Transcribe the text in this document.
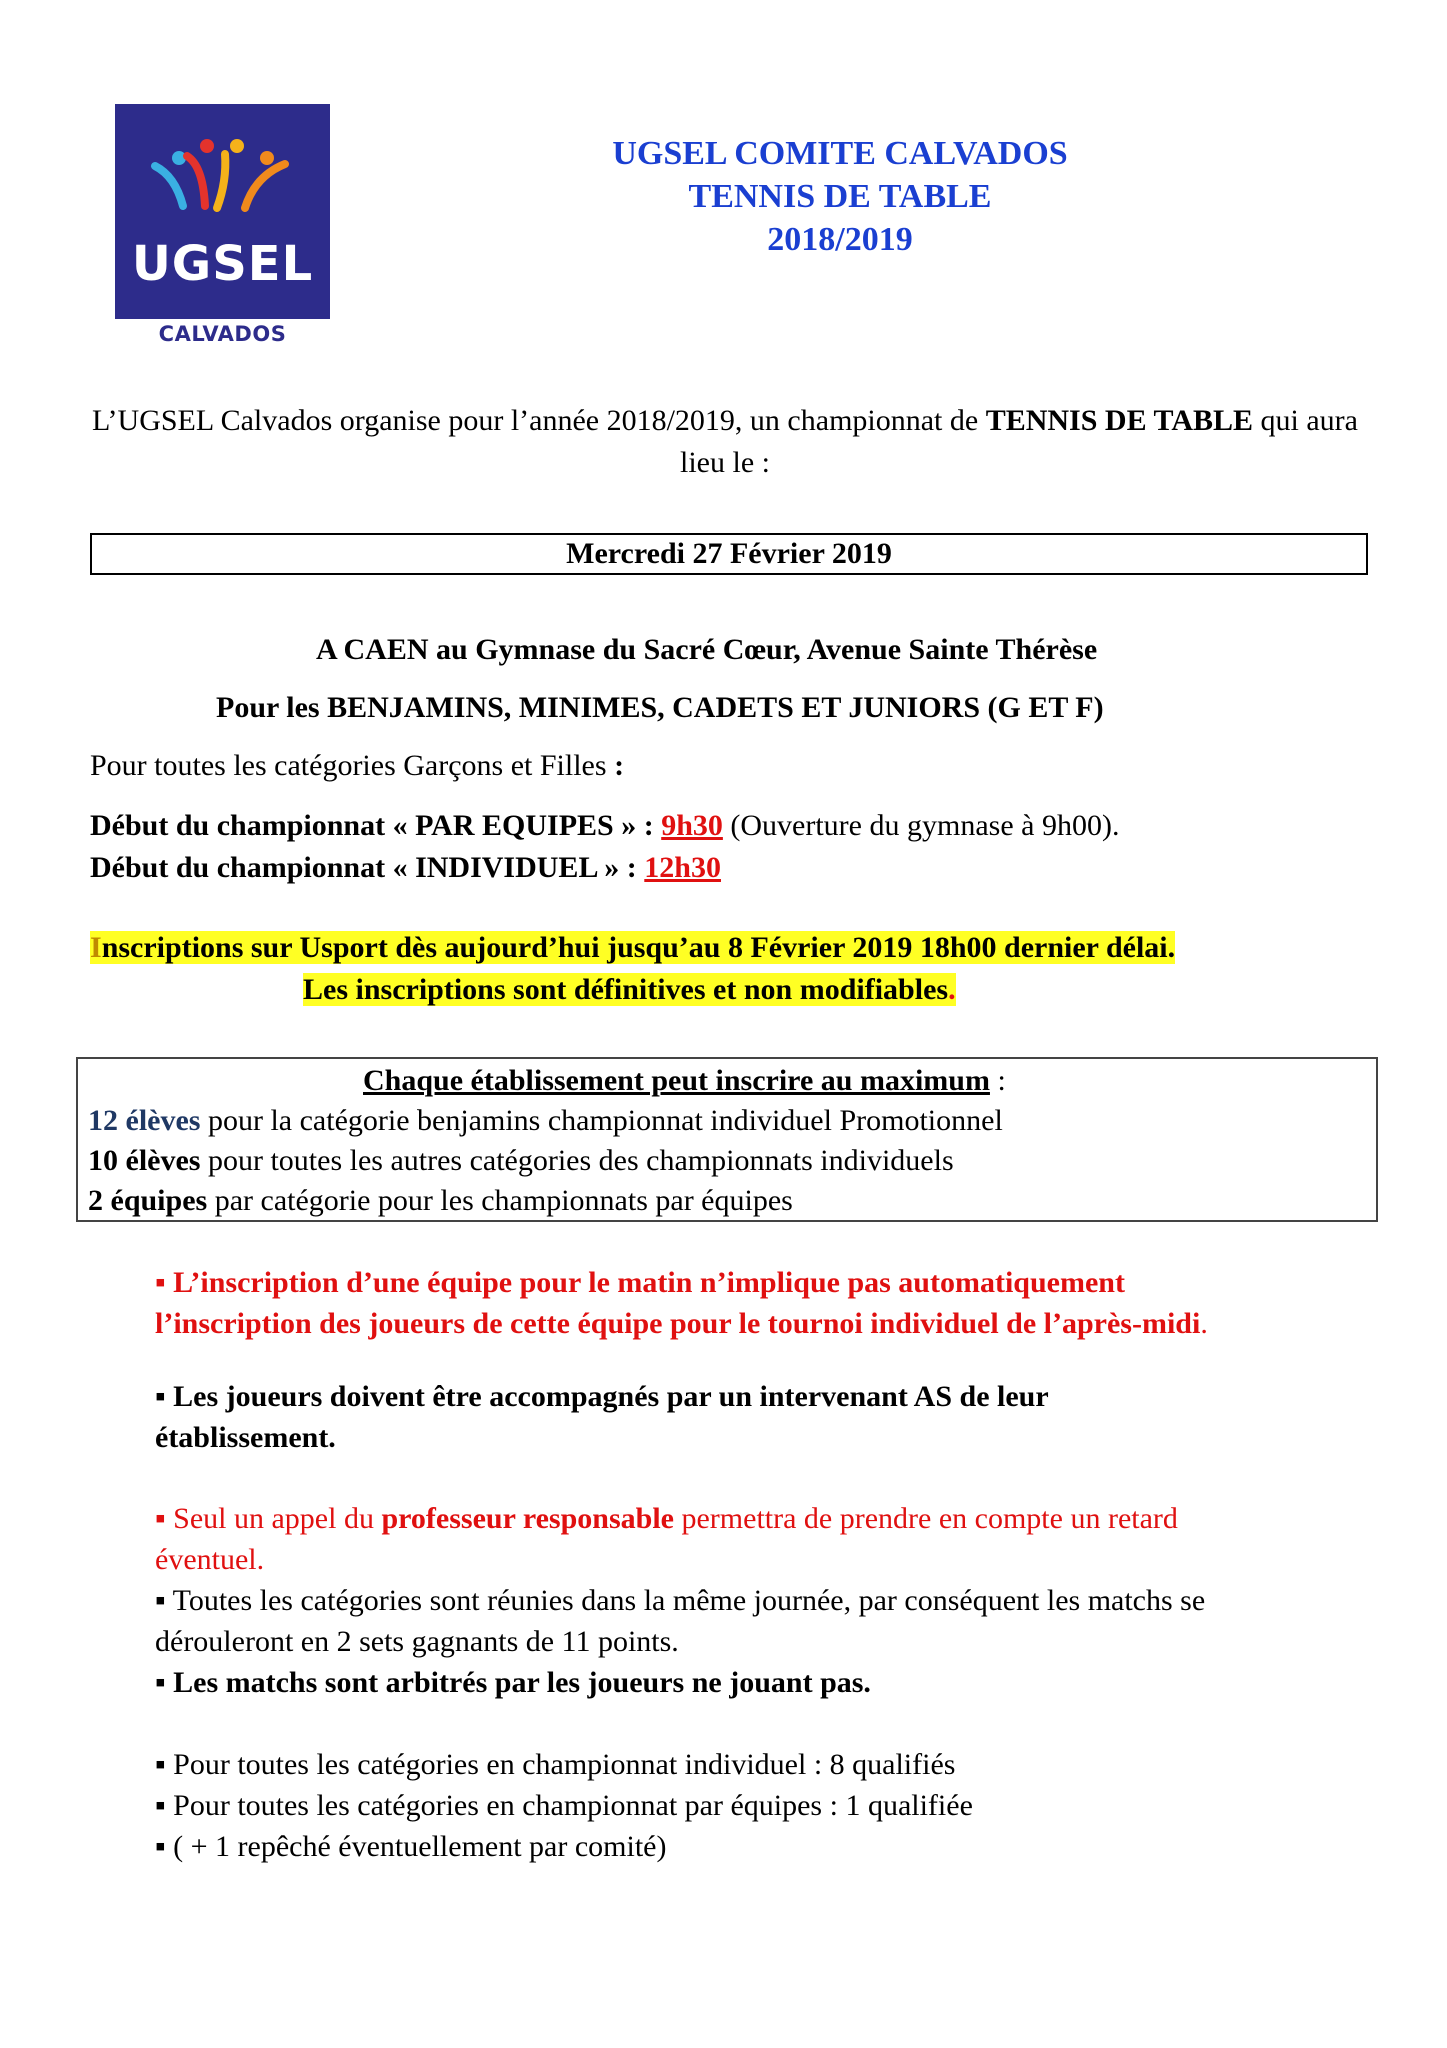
UGSEL
CALVADOS
UGSEL COMITE CALVADOS
TENNIS DE TABLE
2018/2019
L’UGSEL Calvados organise pour l’année 2018/2019, un championnat de TENNIS DE TABLE qui aura lieu le :
Mercredi 27 Février 2019
A CAEN au Gymnase du Sacré Cœur, Avenue Sainte Thérèse
Pour les BENJAMINS, MINIMES, CADETS ET JUNIORS (G ET F)
Pour toutes les catégories Garçons et Filles :
Début du championnat « PAR EQUIPES » : 9h30 (Ouverture du gymnase à 9h00).
Début du championnat « INDIVIDUEL » : 12h30
Inscriptions sur Usport dès aujourd’hui jusqu’au 8 Février 2019 18h00 dernier délai.
Les inscriptions sont définitives et non modifiables.
Chaque établissement peut inscrire au maximum :
12 élèves pour la catégorie benjamins championnat individuel Promotionnel
10 élèves pour toutes les autres catégories des championnats individuels
2 équipes par catégorie pour les championnats par équipes
▪ L’inscription d’une équipe pour le matin n’implique pas automatiquement
l’inscription des joueurs de cette équipe pour le tournoi individuel de l’après-midi.
▪ Les joueurs doivent être accompagnés par un intervenant AS de leur
établissement.
▪ Seul un appel du professeur responsable permettra de prendre en compte un retard
éventuel.
▪ Toutes les catégories sont réunies dans la même journée, par conséquent les matchs se
dérouleront en 2 sets gagnants de 11 points.
▪ Les matchs sont arbitrés par les joueurs ne jouant pas.
▪ Pour toutes les catégories en championnat individuel : 8 qualifiés
▪ Pour toutes les catégories en championnat par équipes : 1 qualifiée
▪ ( + 1 repêché éventuellement par comité)
